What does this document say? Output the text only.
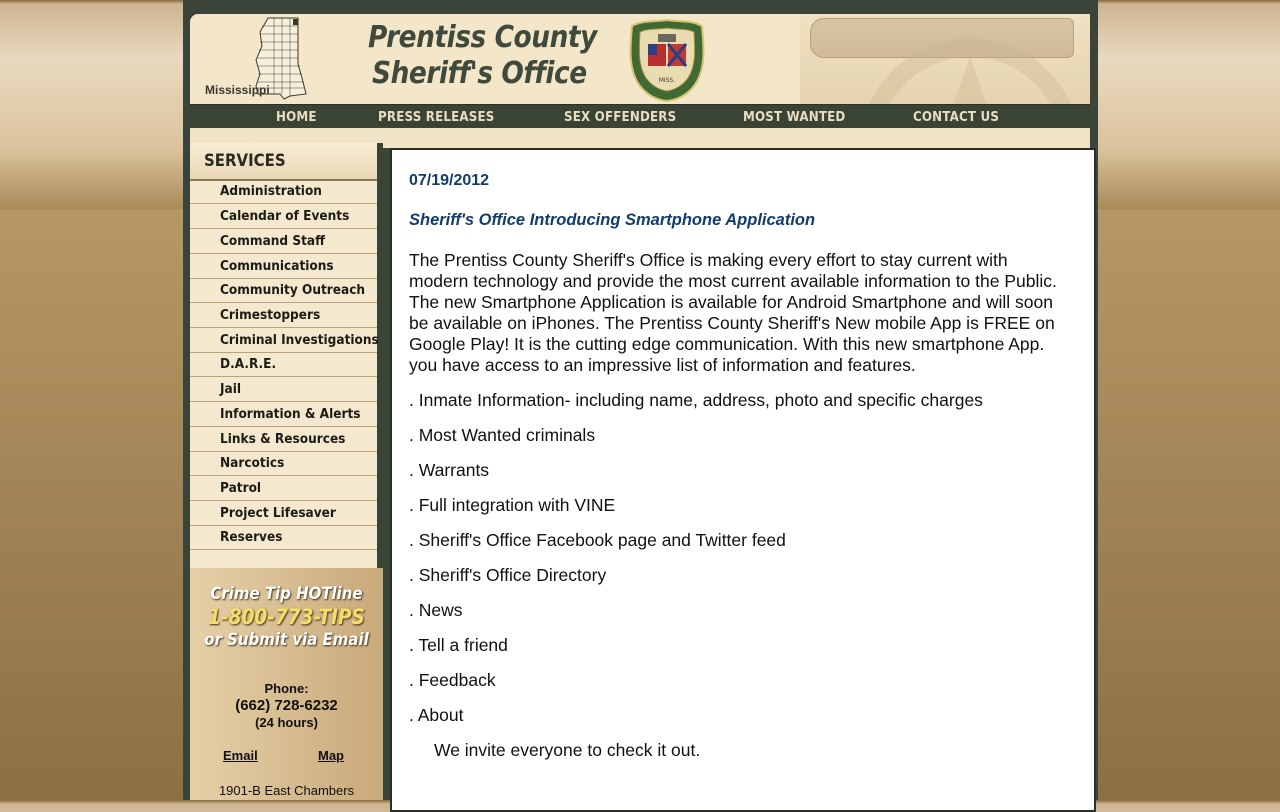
Mississippi
Prentiss County
Sheriff's Office	MISS.
HOME	PRESS RELEASES	SEX OFFENDERS	MOST WANTED	CONTACT US
SERVICES
Administration
Calendar of Events
Command Staff
Communications
Community Outreach
Crimestoppers
Criminal Investigations
D.A.R.E.
Jail
Information & Alerts
Links & Resources
Narcotics
Patrol
Project Lifesaver
Reserves
Crime Tip HOTline
1-800-773-TIPS
or Submit via Email
Phone:
(662) 728-6232
(24 hours)
Email	Map
1901-B East Chambers
07/19/2012
Sheriff's Office Introducing Smartphone Application
The Prentiss County Sheriff's Office is making every effort to stay current with modern technology and provide the most current available information to the Public. The new Smartphone Application is available for Android Smartphone and will soon be available on iPhones. The Prentiss County Sheriff's New mobile App is FREE on Google Play! It is the cutting edge communication. With this new smartphone App. you have access to an impressive list of information and features.
. Inmate Information- including name, address, photo and specific charges
. Most Wanted criminals
. Warrants
. Full integration with VINE
. Sheriff's Office Facebook page and Twitter feed
. Sheriff's Office Directory
. News
. Tell a friend
. Feedback
. About
We invite everyone to check it out.
